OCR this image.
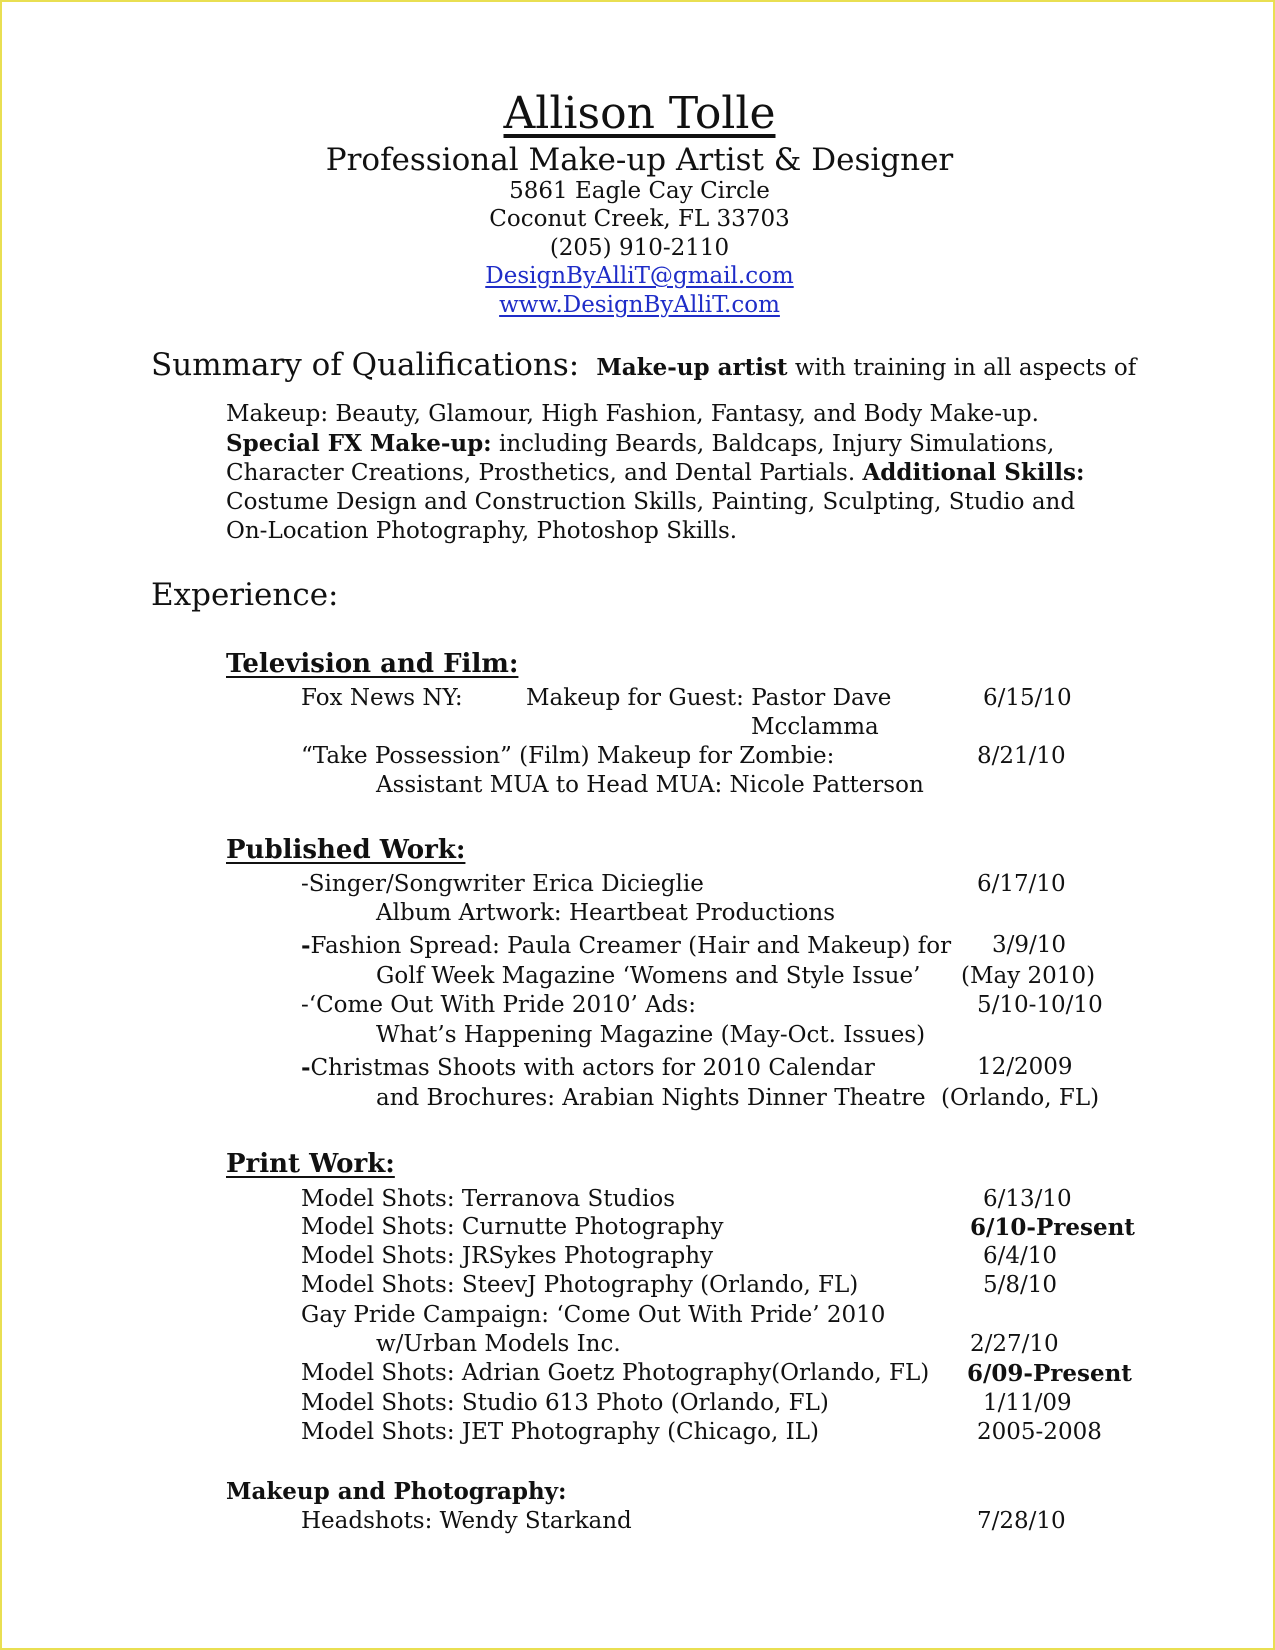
Allison Tolle
Professional Make-up Artist & Designer
5861 Eagle Cay Circle
Coconut Creek, FL 33703
(205) 910-2110
DesignByAlliT@gmail.com
www.DesignByAlliT.com
Summary of Qualifications: Make-up artist with training in all aspects of
Makeup: Beauty, Glamour, High Fashion, Fantasy, and Body Make-up.
Special FX Make-up: including Beards, Baldcaps, Injury Simulations,
Character Creations, Prosthetics, and Dental Partials. Additional Skills:
Costume Design and Construction Skills, Painting, Sculpting, Studio and
On-Location Photography, Photoshop Skills.
Experience:
Television and Film:
Fox News NY:	Makeup for Guest: Pastor Dave	6/15/10
Mcclamma
“Take Possession” (Film) Makeup for Zombie:	8/21/10
Assistant MUA to Head MUA: Nicole Patterson
Published Work:
-Singer/Songwriter Erica Dicieglie	6/17/10
Album Artwork: Heartbeat Productions
-Fashion Spread: Paula Creamer (Hair and Makeup) for 3/9/10
Golf Week Magazine ‘Womens and Style Issue’ (May 2010)
-‘Come Out With Pride 2010’ Ads:	5/10-10/10
What’s Happening Magazine (May-Oct. Issues)
-Christmas Shoots with actors for 2010 Calendar	12/2009
and Brochures: Arabian Nights Dinner Theatre (Orlando, FL)
Print Work:
Model Shots: Terranova Studios	6/13/10
Model Shots: Curnutte Photography	6/10-Present
Model Shots: JRSykes Photography	6/4/10
Model Shots: SteevJ Photography (Orlando, FL)	5/8/10
Gay Pride Campaign: ‘Come Out With Pride’ 2010
w/Urban Models Inc.	2/27/10
Model Shots: Adrian Goetz Photography(Orlando, FL) 6/09-Present
Model Shots: Studio 613 Photo (Orlando, FL)	1/11/09
Model Shots: JET Photography (Chicago, IL)	2005-2008
Makeup and Photography:
Headshots: Wendy Starkand	7/28/10
